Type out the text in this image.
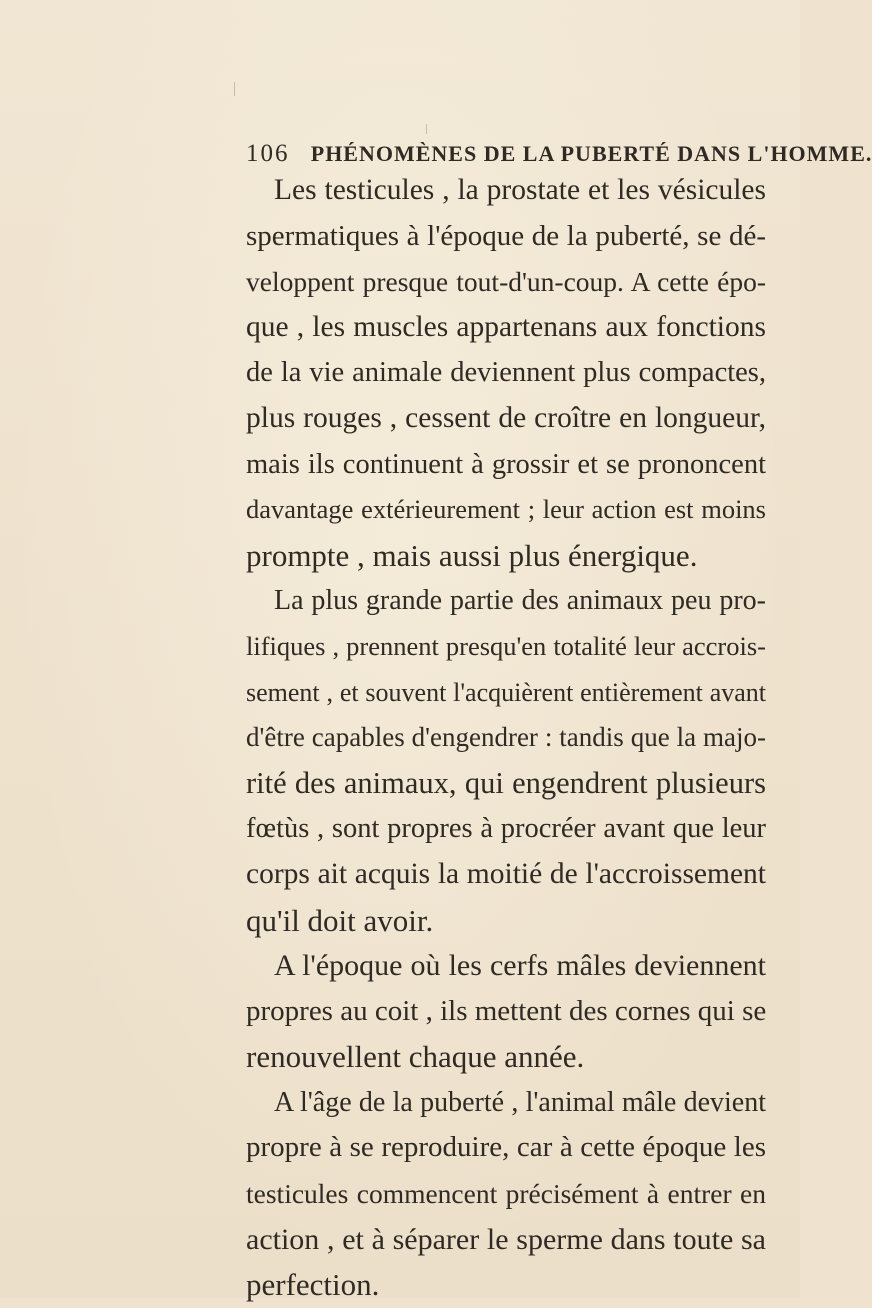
106 PHÉNOMÈNES DE LA PUBERTÉ DANS L'HOMME.
Les testicules , la prostate et les vésicules
spermatiques à l'époque de la puberté, se dé-
veloppent presque tout-d'un-coup. A cette épo-
que , les muscles appartenans aux fonctions
de la vie animale deviennent plus compactes,
plus rouges , cessent de croître en longueur,
mais ils continuent à grossir et se prononcent
davantage extérieurement ; leur action est moins
prompte , mais aussi plus énergique.
La plus grande partie des animaux peu pro-
lifiques , prennent presqu'en totalité leur accrois-
sement , et souvent l'acquièrent entièrement avant
d'être capables d'engendrer : tandis que la majo-
rité des animaux, qui engendrent plusieurs
fœtùs , sont propres à procréer avant que leur
corps ait acquis la moitié de l'accroissement
qu'il doit avoir.
A l'époque où les cerfs mâles deviennent
propres au coit , ils mettent des cornes qui se
renouvellent chaque année.
A l'âge de la puberté , l'animal mâle devient
propre à se reproduire, car à cette époque les
testicules commencent précisément à entrer en
action , et à séparer le sperme dans toute sa
perfection.
